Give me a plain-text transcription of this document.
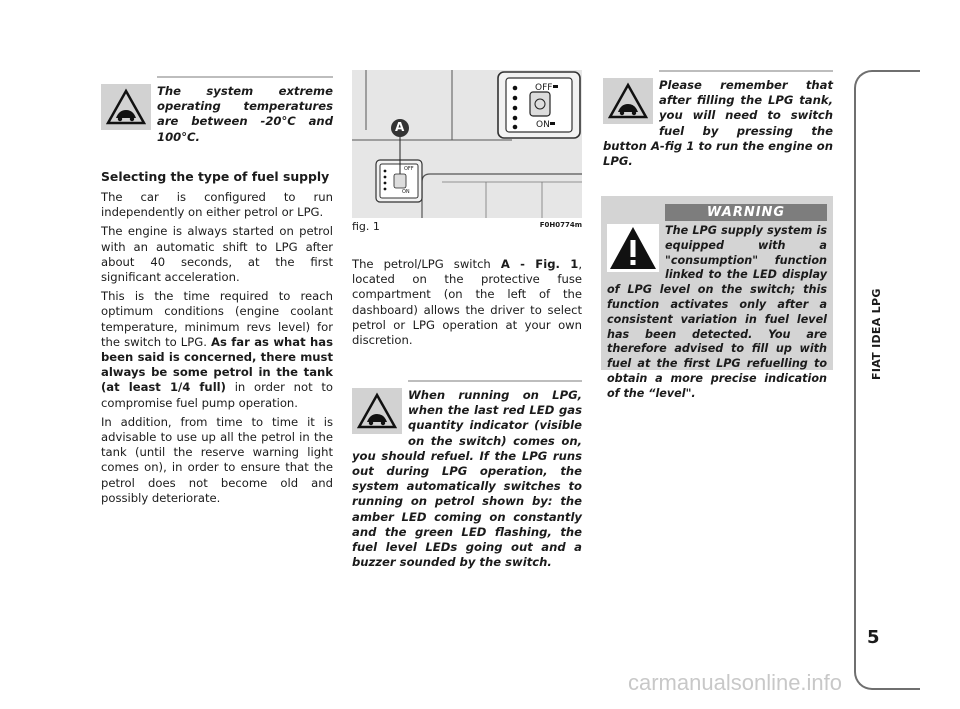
The system extreme operating temperatures are between -20°C and 100°C.

Selecting the type of fuel supply

The car is configured to run independently on either petrol or LPG.

The engine is always started on petrol with an automatic shift to LPG after about 40 seconds, at the first significant acceleration.

This is the time required to reach optimum conditions (engine coolant temperature, minimum revs level) for the switch to LPG. As far as what has been said is concerned, there must always be some petrol in the tank (at least 1/4 full) in order not to compromise fuel pump operation.

In addition, from time to time it is advisable to use up all the petrol in the tank (until the reserve warning light comes on), in order to ensure that the petrol does not become old and possibly deteriorate.

A
OFF
ON
OFF
ON
fig. 1	F0H0774m

The petrol/LPG switch A - Fig. 1, located on the protective fuse compartment (on the left of the dashboard) allows the driver to select petrol or LPG operation at your own discretion.

When running on LPG, when the last red LED gas quantity indicator (visible on the switch) comes on, you should refuel. If the LPG runs out during LPG operation, the system automatically switches to running on petrol shown by: the amber LED coming on constantly and the green LED flashing, the fuel level LEDs going out and a buzzer sounded by the switch.
Please remember that after filling the LPG tank, you will need to switch fuel by pressing the button A-fig 1 to run the engine on LPG.
WARNING
The LPG supply system is equipped with a "consumption" function linked to the LED display of LPG level on the switch; this function activates only after a consistent variation in fuel level has been detected. You are therefore advised to fill up with fuel at the first LPG refuelling to obtain a more precise indication of the “level".
FIAT IDEA LPG
5
carmanualsonline.info
